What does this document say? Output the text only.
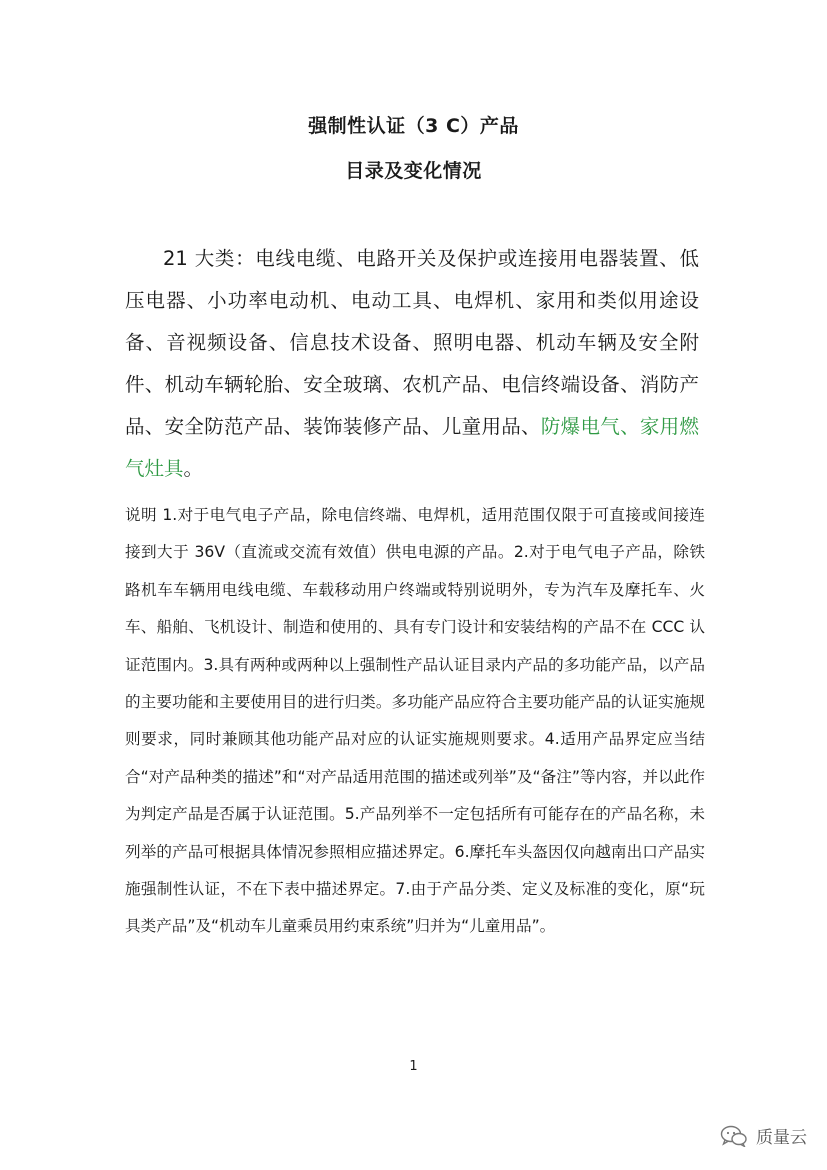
强制性认证（3 C）产品
目录及变化情况
21 大类：电线电缆、电路开关及保护或连接用电器装置、低压电器、小功率电动机、电动工具、电焊机、家用和类似用途设备、音视频设备、信息技术设备、照明电器、机动车辆及安全附件、机动车辆轮胎、安全玻璃、农机产品、电信终端设备、消防产品、安全防范产品、装饰装修产品、儿童用品、防爆电气、家用燃气灶具。
说明 1.对于电气电子产品，除电信终端、电焊机，适用范围仅限于可直接或间接连接到大于 36V（直流或交流有效值）供电电源的产品。2.对于电气电子产品，除铁路机车车辆用电线电缆、车载移动用户终端或特别说明外，专为汽车及摩托车、火车、船舶、飞机设计、制造和使用的、具有专门设计和安装结构的产品不在 CCC 认证范围内。3.具有两种或两种以上强制性产品认证目录内产品的多功能产品，以产品的主要功能和主要使用目的进行归类。多功能产品应符合主要功能产品的认证实施规则要求，同时兼顾其他功能产品对应的认证实施规则要求。4.适用产品界定应当结合“对产品种类的描述”和“对产品适用范围的描述或列举”及“备注”等内容，并以此作为判定产品是否属于认证范围。5.产品列举不一定包括所有可能存在的产品名称，未列举的产品可根据具体情况参照相应描述界定。6.摩托车头盔因仅向越南出口产品实施强制性认证，不在下表中描述界定。7.由于产品分类、定义及标准的变化，原“玩具类产品”及“机动车儿童乘员用约束系统”归并为“儿童用品”。
1
质量云
